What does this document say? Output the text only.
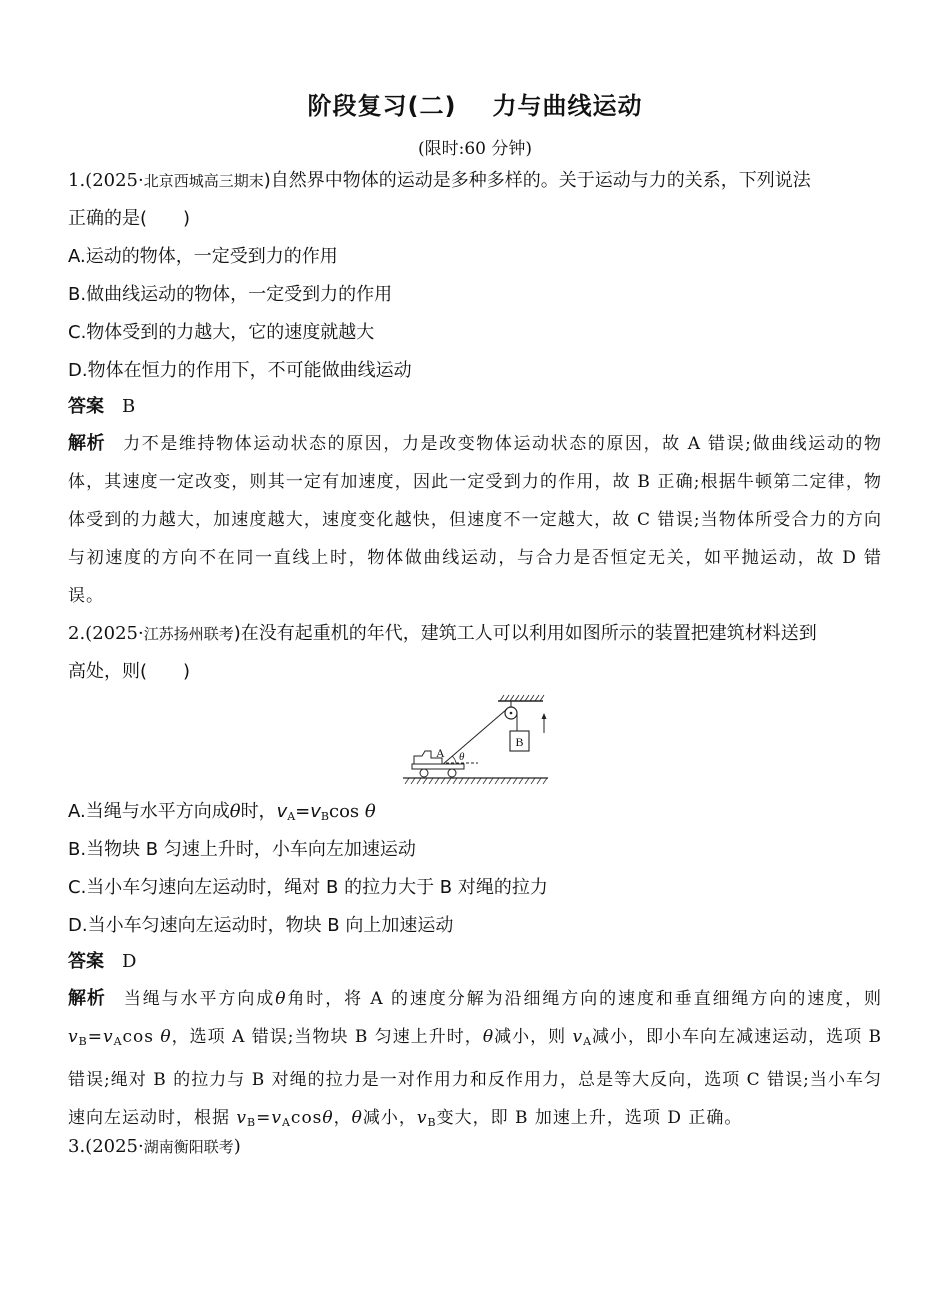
阶段复习(二) 力与曲线运动
(限时:60 分钟)
1.(2025·北京西城高三期末)自然界中物体的运动是多种多样的。关于运动与力的关系，下列说法
正确的是(　　)
A.运动的物体，一定受到力的作用
B.做曲线运动的物体，一定受到力的作用
C.物体受到的力越大，它的速度就越大
D.物体在恒力的作用下，不可能做曲线运动
答案 B
解析 力不是维持物体运动状态的原因，力是改变物体运动状态的原因，故 A 错误;做曲线运动的物体，其速度一定改变，则其一定有加速度，因此一定受到力的作用，故 B 正确;根据牛顿第二定律，物体受到的力越大，加速度越大，速度变化越快，但速度不一定越大，故 C 错误;当物体所受合力的方向与初速度的方向不在同一直线上时，物体做曲线运动，与合力是否恒定无关，如平抛运动，故 D 错误。
2.(2025·江苏扬州联考)在没有起重机的年代，建筑工人可以利用如图所示的装置把建筑材料送到
高处，则(　　)
B
A θ
A.当绳与水平方向成θ时，$v_A=v_B\cos$ θ
B.当物块 B 匀速上升时，小车向左加速运动
C.当小车匀速向左运动时，绳对 B 的拉力大于 B 对绳的拉力
D.当小车匀速向左运动时，物块 B 向上加速运动
答案 D
解析 当绳与水平方向成θ角时，将 A 的速度分解为沿细绳方向的速度和垂直细绳方向的速度，则 $v_B=v_A\cos$ θ，选项 A 错误;当物块 B 匀速上升时，θ减小，则 $v_A$减小，即小车向左减速运动，选项 B 错误;绳对 B 的拉力与 B 对绳的拉力是一对作用力和反作用力，总是等大反向，选项 C 错误;当小车匀速向左运动时，根据 $v_B=v_A\cos\theta$，θ减小，$v_B$变大，即 B 加速上升，选项 D 正确。
3.(2025·湖南衡阳联考)
